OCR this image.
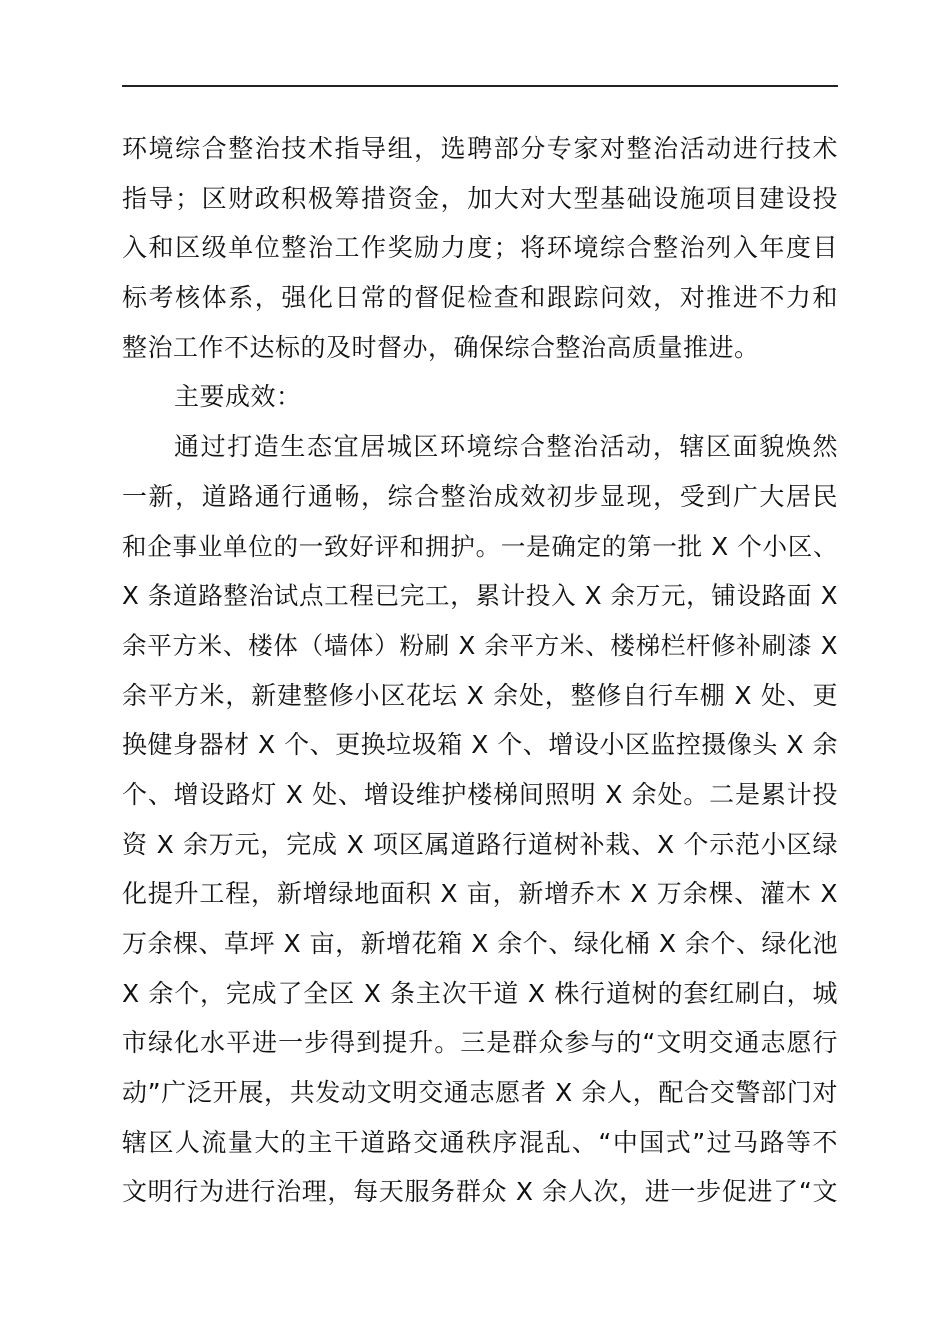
环境综合整治技术指导组，选聘部分专家对整治活动进行技术
指导；区财政积极筹措资金，加大对大型基础设施项目建设投
入和区级单位整治工作奖励力度；将环境综合整治列入年度目
标考核体系，强化日常的督促检查和跟踪问效，对推进不力和
整治工作不达标的及时督办，确保综合整治高质量推进。
主要成效：
通过打造生态宜居城区环境综合整治活动，辖区面貌焕然
一新，道路通行通畅，综合整治成效初步显现，受到广大居民
和企事业单位的一致好评和拥护。一是确定的第一批 X 个小区、
X 条道路整治试点工程已完工，累计投入 X 余万元，铺设路面 X
余平方米、楼体（墙体）粉刷 X 余平方米、楼梯栏杆修补刷漆 X
余平方米，新建整修小区花坛 X 余处，整修自行车棚 X 处、更
换健身器材 X 个、更换垃圾箱 X 个、增设小区监控摄像头 X 余
个、增设路灯 X 处、增设维护楼梯间照明 X 余处。二是累计投
资 X 余万元，完成 X 项区属道路行道树补栽、X 个示范小区绿
化提升工程，新增绿地面积 X 亩，新增乔木 X 万余棵、灌木 X
万余棵、草坪 X 亩，新增花箱 X 余个、绿化桶 X 余个、绿化池
X 余个，完成了全区 X 条主次干道 X 株行道树的套红刷白，城
市绿化水平进一步得到提升。三是群众参与的“文明交通志愿行
动”广泛开展，共发动文明交通志愿者 X 余人，配合交警部门对
辖区人流量大的主干道路交通秩序混乱、“中国式”过马路等不
文明行为进行治理，每天服务群众 X 余人次，进一步促进了“文
